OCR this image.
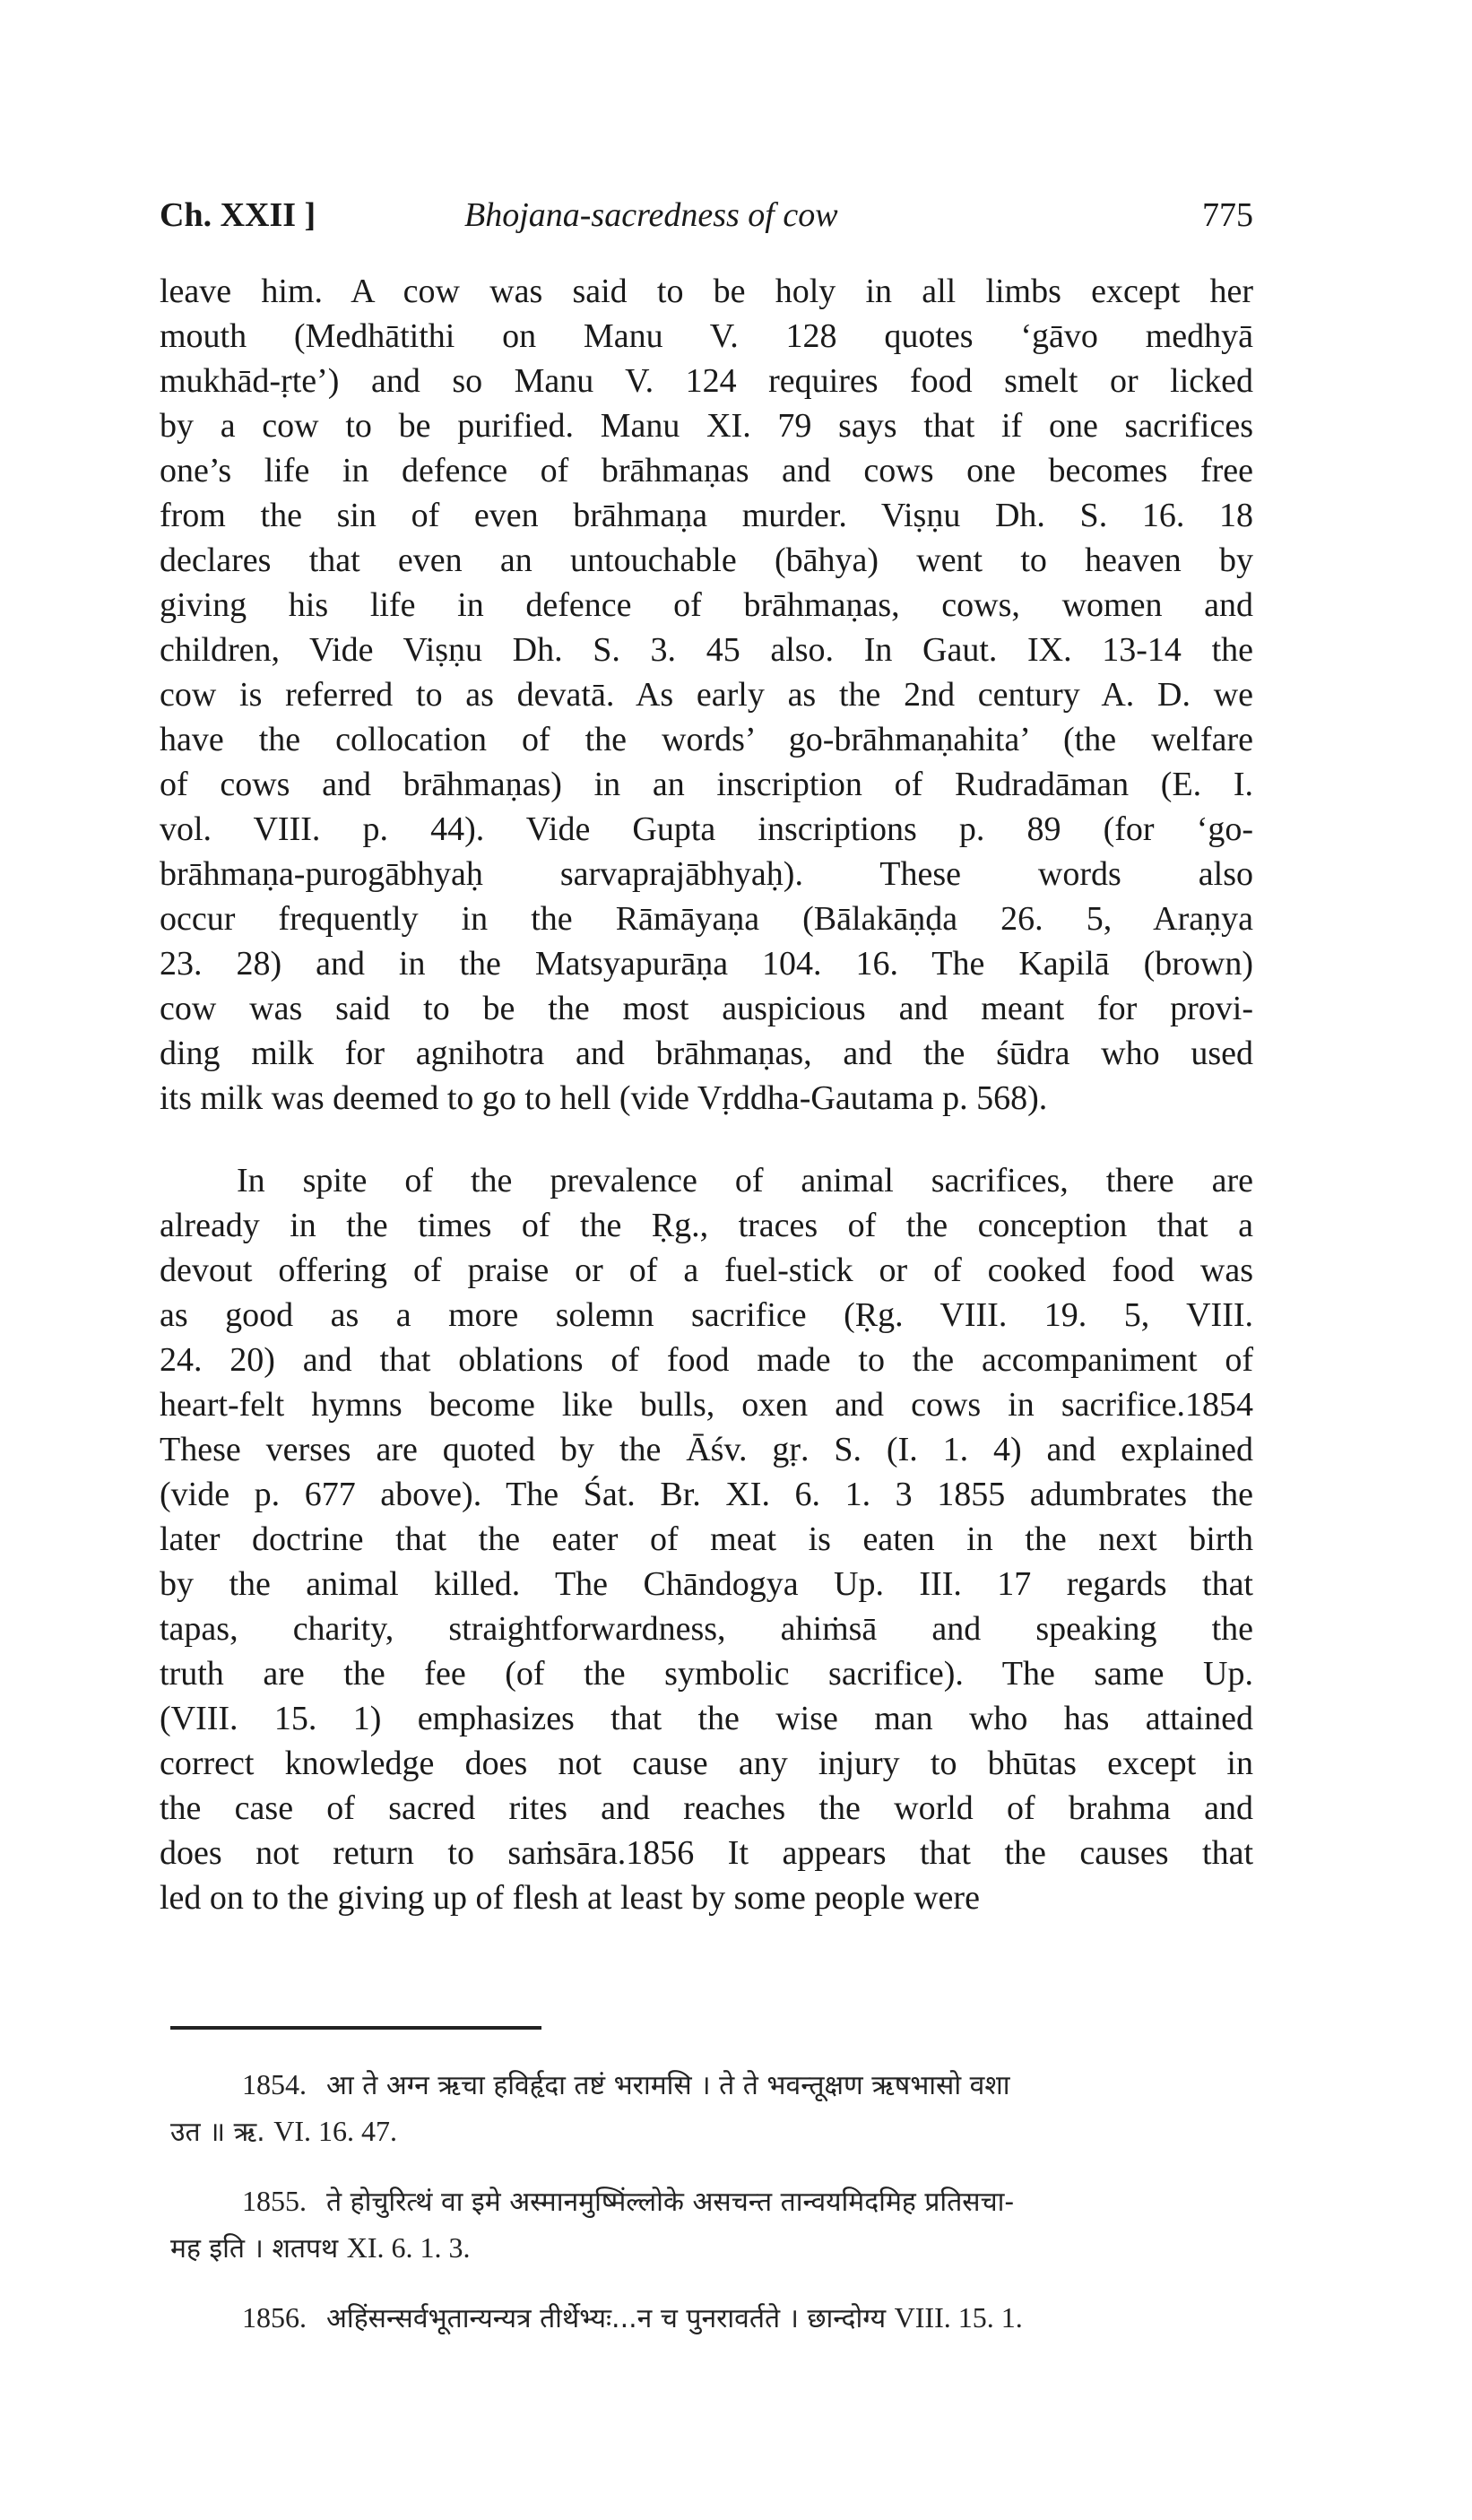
Ch. XXII ]	Bhojana-sacredness of cow	775
leave him. A cow was said to be holy in all limbs except her
mouth (Medhātithi on Manu V. 128 quotes ‘gāvo medhyā
mukhād-ṛte’) and so Manu V. 124 requires food smelt or licked
by a cow to be purified. Manu XI. 79 says that if one sacrifices
one’s life in defence of brāhmaṇas and cows one becomes free
from the sin of even brāhmaṇa murder. Viṣṇu Dh. S. 16. 18
declares that even an untouchable (bāhya) went to heaven by
giving his life in defence of brāhmaṇas, cows, women and
children, Vide Viṣṇu Dh. S. 3. 45 also. In Gaut. IX. 13-14 the
cow is referred to as devatā. As early as the 2nd century A. D. we
have the collocation of the words’ go-brāhmaṇahita’ (the welfare
of cows and brāhmaṇas) in an inscription of Rudradāman (E. I.
vol. VIII. p. 44). Vide Gupta inscriptions p. 89 (for ‘go-
brāhmaṇa-purogābhyaḥ sarvaprajābhyaḥ). These words also
occur frequently in the Rāmāyaṇa (Bālakāṇḍa 26. 5, Araṇya
23. 28) and in the Matsyapurāṇa 104. 16. The Kapilā (brown)
cow was said to be the most auspicious and meant for provi-
ding milk for agnihotra and brāhmaṇas, and the śūdra who used
its milk was deemed to go to hell (vide Vṛddha-Gautama p. 568).
In spite of the prevalence of animal sacrifices, there are
already in the times of the Ṛg., traces of the conception that a
devout offering of praise or of a fuel-stick or of cooked food was
as good as a more solemn sacrifice (Ṛg. VIII. 19. 5, VIII.
24. 20) and that oblations of food made to the accompaniment of
heart-felt hymns become like bulls, oxen and cows in sacrifice.1854
These verses are quoted by the Āśv. gṛ. S. (I. 1. 4) and explained
(vide p. 677 above). The Śat. Br. XI. 6. 1. 3 1855 adumbrates the
later doctrine that the eater of meat is eaten in the next birth
by the animal killed. The Chāndogya Up. III. 17 regards that
tapas, charity, straightforwardness, ahiṁsā and speaking the
truth are the fee (of the symbolic sacrifice). The same Up.
(VIII. 15. 1) emphasizes that the wise man who has attained
correct knowledge does not cause any injury to bhūtas except in
the case of sacred rites and reaches the world of brahma and
does not return to saṁsāra.1856 It appears that the causes that
led on to the giving up of flesh at least by some people were
1854. आ ते अग्न ऋचा हविर्हृदा तष्टं भरामसि । ते ते भवन्तूक्षण ऋषभासो वशा
उत ॥ ऋ. VI. 16. 47.
1855. ते होचुरित्थं वा इमे अस्मानमुष्मिंल्लोके असचन्त तान्वयमिदमिह प्रतिसचा-
मह इति । शतपथ XI. 6. 1. 3.
1856. अहिंसन्सर्वभूतान्यन्यत्र तीर्थेभ्यः...न च पुनरावर्तते । छान्दोग्य VIII. 15. 1.
